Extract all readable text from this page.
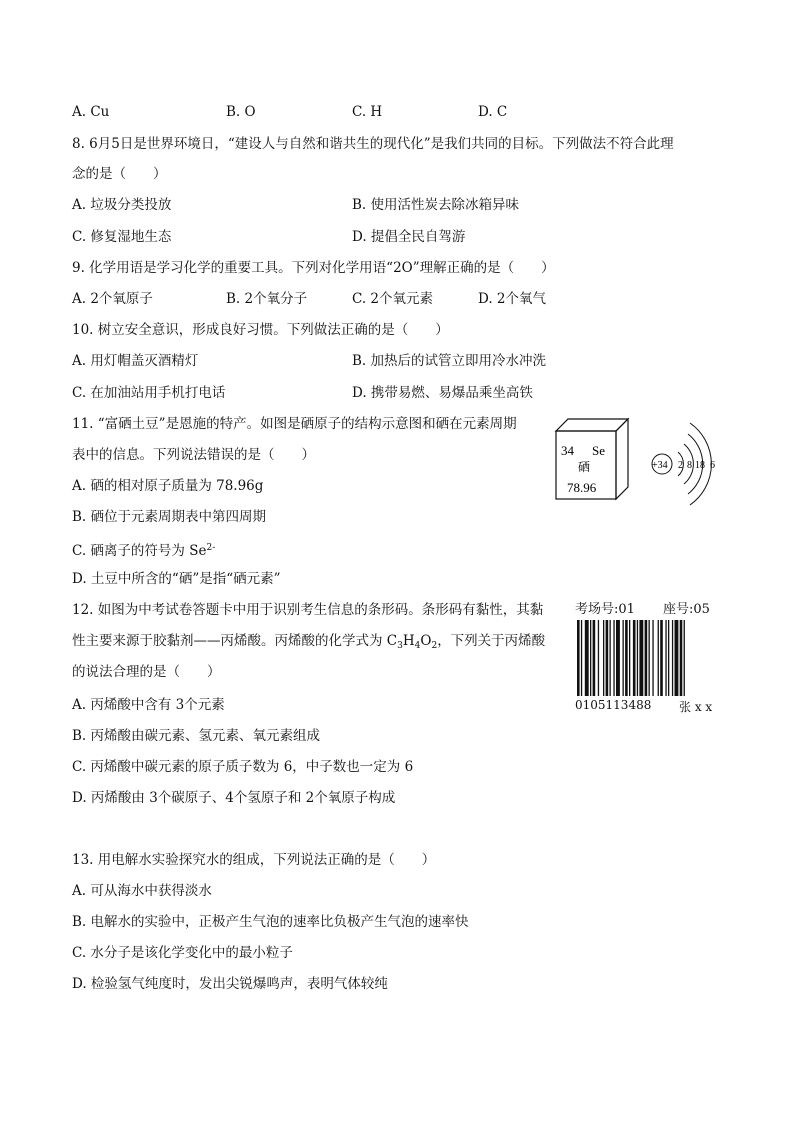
A. Cu	B. O	C. H	D. C
8. 6月5日是世界环境日，“建设人与自然和谐共生的现代化”是我们共同的目标。下列做法不符合此理
念的是（　　）
A. 垃圾分类投放	B. 使用活性炭去除冰箱异味
C. 修复湿地生态	D. 提倡全民自驾游
9. 化学用语是学习化学的重要工具。下列对化学用语“2O”理解正确的是（　　）
A. 2个氧原子	B. 2个氧分子	C. 2个氧元素	D. 2个氧气
10. 树立安全意识，形成良好习惯。下列做法正确的是（　　）
A. 用灯帽盖灭酒精灯	B. 加热后的试管立即用冷水冲洗
C. 在加油站用手机打电话	D. 携带易燃、易爆品乘坐高铁
11. “富硒土豆”是恩施的特产。如图是硒原子的结构示意图和硒在元素周期
表中的信息。下列说法错误的是（　　）
A. 硒的相对原子质量为 78.96g
B. 硒位于元素周期表中第四周期
C. 硒离子的符号为 $Se^{2-}$
D. 土豆中所含的“硒”是指“硒元素”
34 Se
硒
78.96
+34 2 8 18 6
12. 如图为中考试卷答题卡中用于识别考生信息的条形码。条形码有黏性，其黏
性主要来源于胶黏剂——丙烯酸。丙烯酸的化学式为 $C_3H_4O_2$，下列关于丙烯酸
的说法合理的是（　　）
A. 丙烯酸中含有 3个元素
B. 丙烯酸由碳元素、氢元素、氧元素组成
C. 丙烯酸中碳元素的原子质子数为 6，中子数也一定为 6
D. 丙烯酸由 3个碳原子、4个氢原子和 2个氧原子构成
考场号:01 座号:05
0105113488 张 x x
13. 用电解水实验探究水的组成，下列说法正确的是（　　）
A. 可从海水中获得淡水
B. 电解水的实验中，正极产生气泡的速率比负极产生气泡的速率快
C. 水分子是该化学变化中的最小粒子
D. 检验氢气纯度时，发出尖锐爆鸣声，表明气体较纯
